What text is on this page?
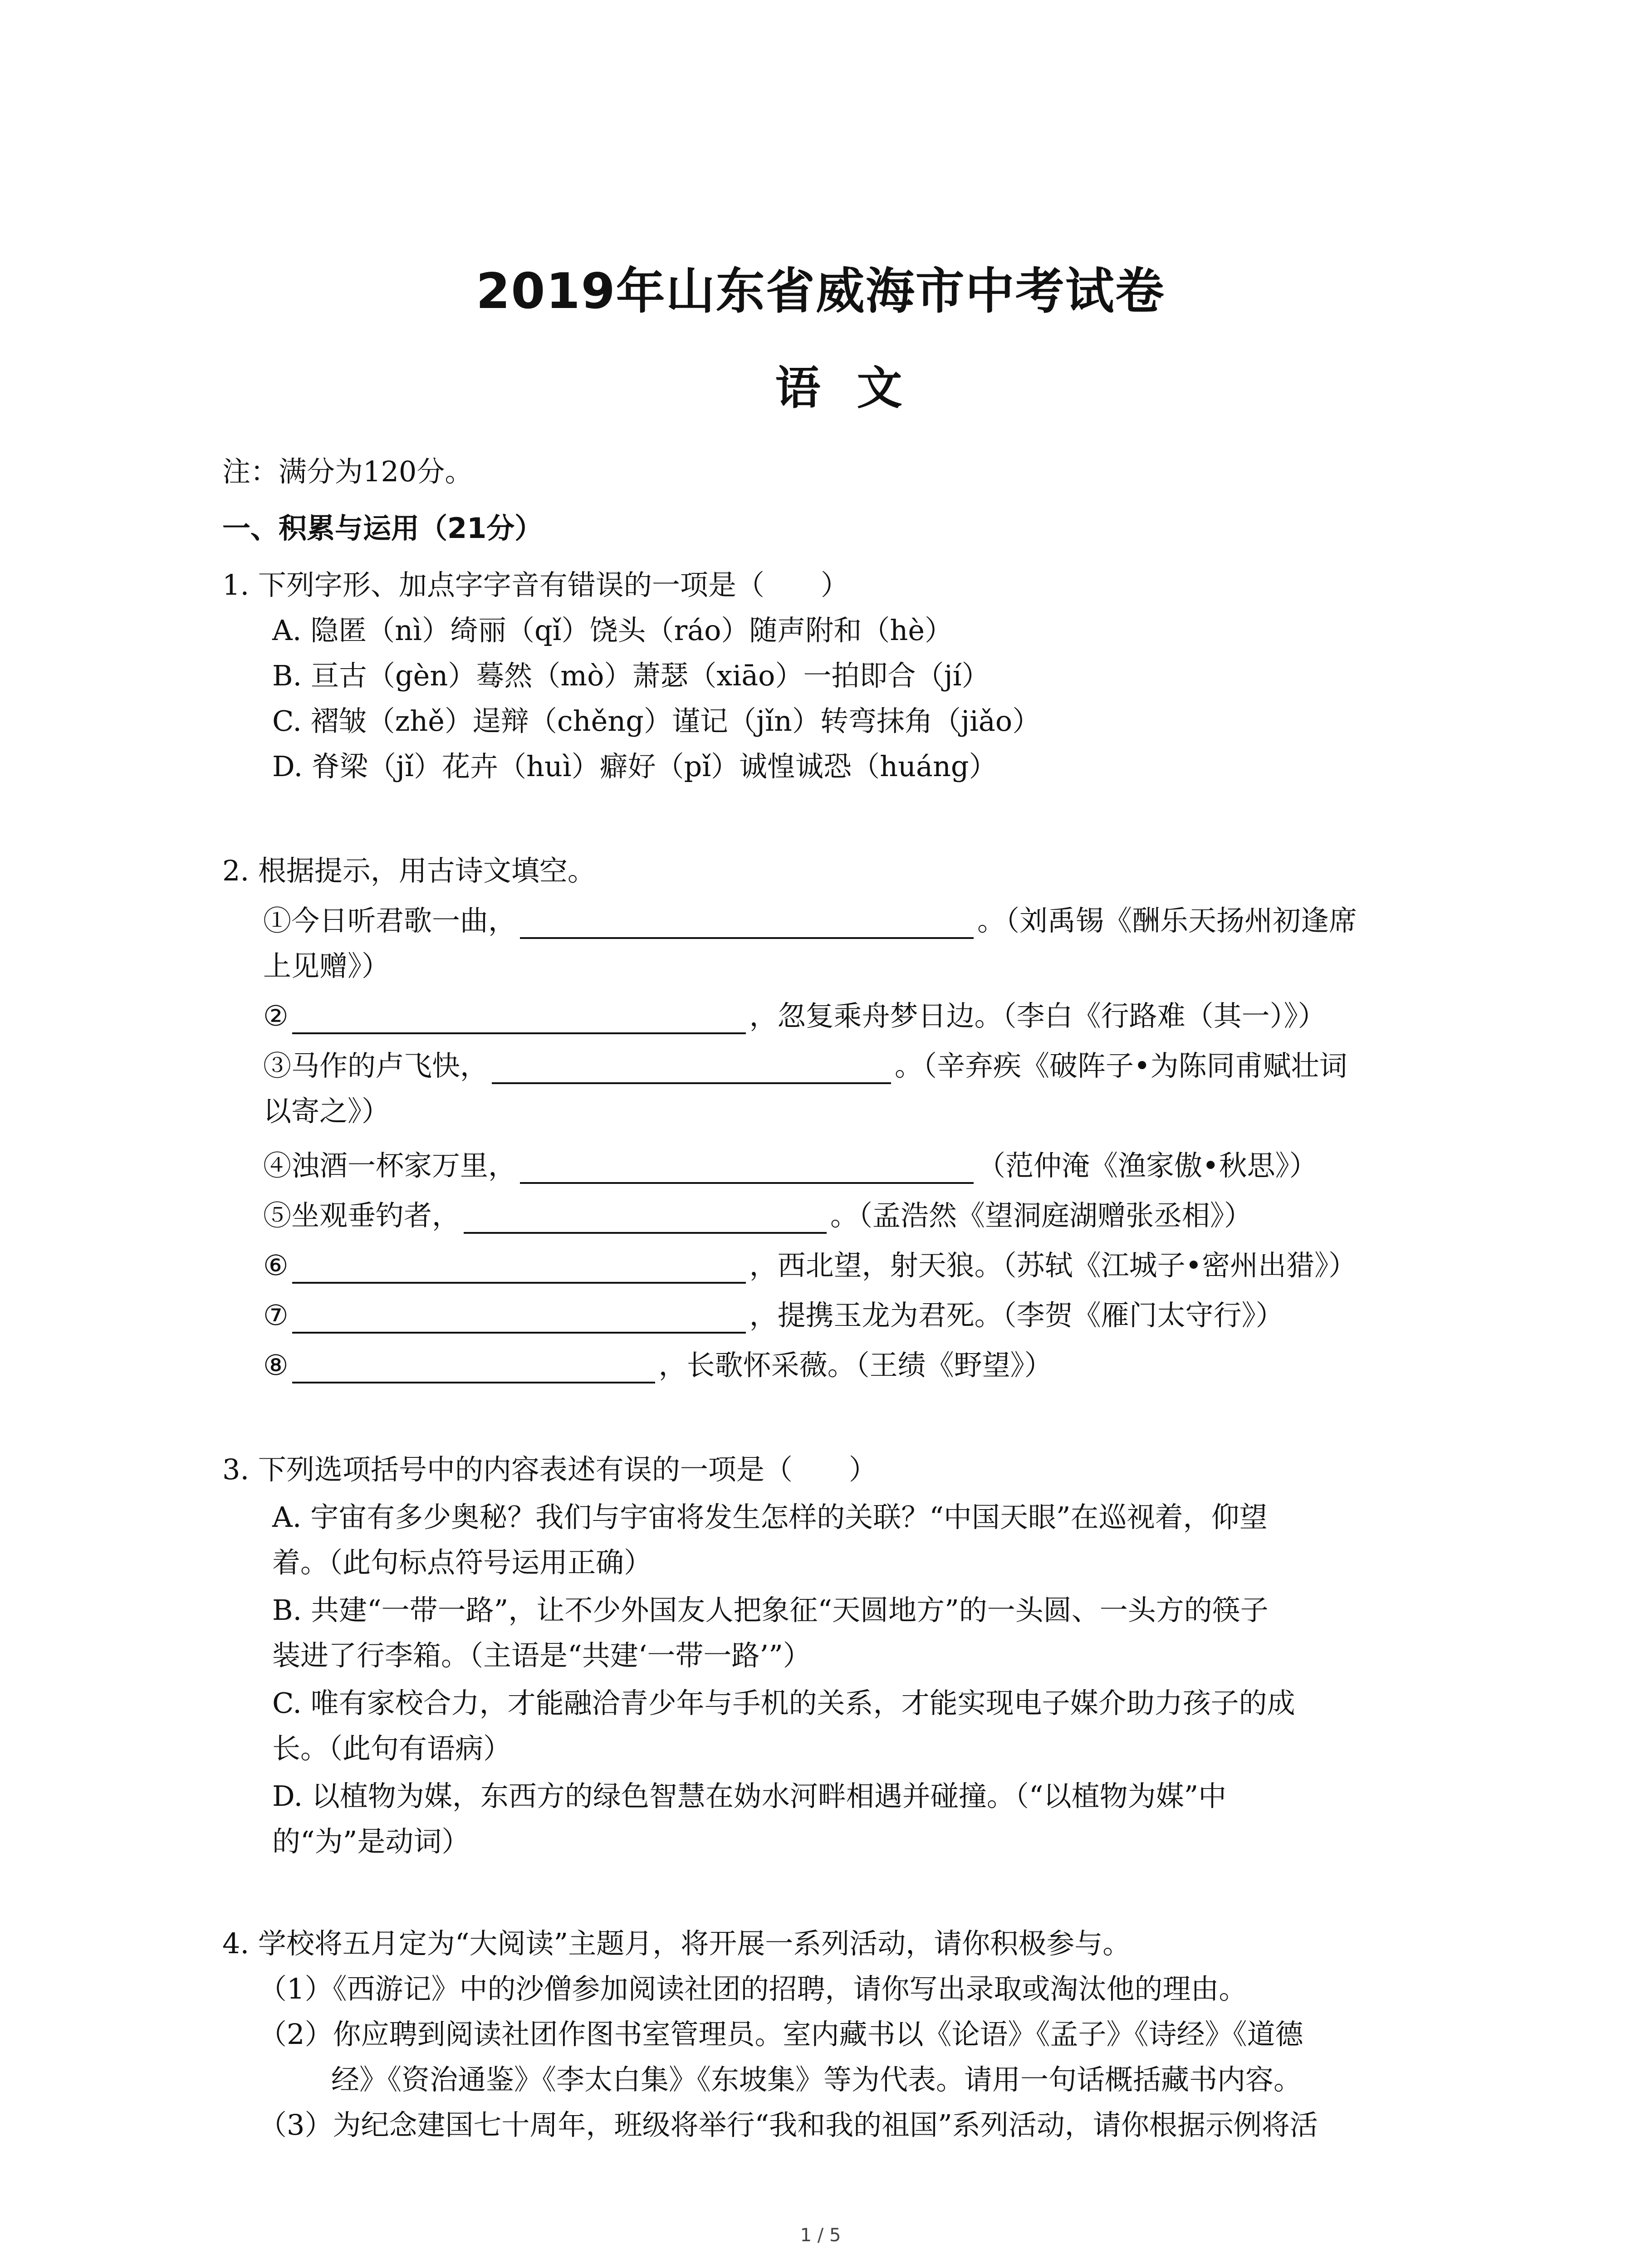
2019年山东省威海市中考试卷
语文
注：满分为120分。
一、积累与运用（21分）
1. 下列字形、加点字字音有错误的一项是（　　）
A. 隐匿（nì）绮丽（qǐ）饶头（ráo）随声附和（hè）
B. 亘古（gèn）蓦然（mò）萧瑟（xiāo）一拍即合（jí）
C. 褶皱（zhě）逞辩（chěng）谨记（jǐn）转弯抹角（jiǎo）
D. 脊梁（jǐ）花卉（huì）癖好（pǐ）诚惶诚恐（huáng）
2. 根据提示，用古诗文填空。
①今日听君歌一曲，	。（刘禹锡《酬乐天扬州初逢席
上见赠》）
②	，忽复乘舟梦日边。（李白《行路难（其一）》）
③马作的卢飞快，	。（辛弃疾《破阵子•为陈同甫赋壮词
以寄之》）
④浊酒一杯家万里，	（范仲淹《渔家傲•秋思》）
⑤坐观垂钓者，	。（孟浩然《望洞庭湖赠张丞相》）
⑥	，西北望，射天狼。（苏轼《江城子•密州出猎》）
⑦	，提携玉龙为君死。（李贺《雁门太守行》）
⑧	，长歌怀采薇。（王绩《野望》）
3. 下列选项括号中的内容表述有误的一项是（　　）
A. 宇宙有多少奥秘？我们与宇宙将发生怎样的关联？“中国天眼”在巡视着，仰望
着。（此句标点符号运用正确）
B. 共建“一带一路”，让不少外国友人把象征“天圆地方”的一头圆、一头方的筷子
装进了行李箱。（主语是“共建‘一带一路’”）
C. 唯有家校合力，才能融洽青少年与手机的关系，才能实现电子媒介助力孩子的成
长。（此句有语病）
D. 以植物为媒，东西方的绿色智慧在妫水河畔相遇并碰撞。（“以植物为媒”中
的“为”是动词）
4. 学校将五月定为“大阅读”主题月，将开展一系列活动，请你积极参与。
（1）《西游记》中的沙僧参加阅读社团的招聘，请你写出录取或淘汰他的理由。
（2）你应聘到阅读社团作图书室管理员。室内藏书以《论语》《孟子》《诗经》《道德
经》《资治通鉴》《李太白集》《东坡集》等为代表。请用一句话概括藏书内容。
（3）为纪念建国七十周年，班级将举行“我和我的祖国”系列活动，请你根据示例将活
1 / 5
